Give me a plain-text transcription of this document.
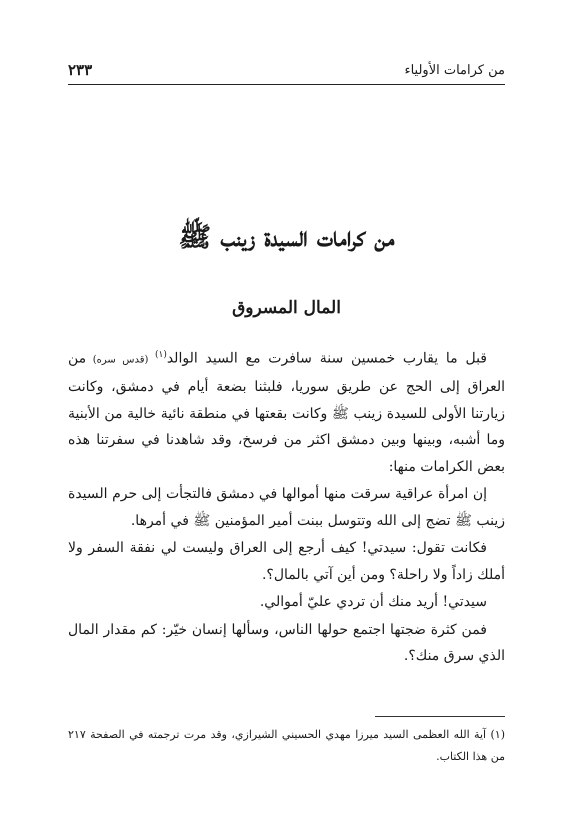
من كرامات الأولياء
٢٣٣
من كرامات السيدة زينب ﷺ
المال المسروق

قبل ما يقارب خمسين سنة سافرت مع السيد الوالد$^{(١)}$ (قدس سره) من العراق إلى الحج عن طريق سوريا، فلبثنا بضعة أيام في دمشق، وكانت زيارتنا الأولى للسيدة زينب ﷺ وكانت بقعتها في منطقة نائية خالية من الأبنية وما أشبه، وبينها وبين دمشق اكثر من فرسخ، وقد شاهدنا في سفرتنا هذه بعض الكرامات منها:

إن امرأة عراقية سرقت منها أموالها في دمشق فالتجأت إلى حرم السيدة زينب ﷺ تضج إلى الله وتتوسل ببنت أمير المؤمنين ﷺ في أمرها.

فكانت تقول: سيدتي! كيف أرجع إلى العراق وليست لي نفقة السفر ولا أملك زاداً ولا راحلة؟ ومن أين آتي بالمال؟.

سيدتي! أريد منك أن تردي عليّ أموالي.

فمن كثرة ضجتها اجتمع حولها الناس، وسألها إنسان خيّر: كم مقدار المال الذي سرق منك؟.

(١) آية الله العظمى السيد ميرزا مهدي الحسيني الشيرازي، وقد مرت ترجمته في الصفحة ٢١٧ من هذا الكتاب.
